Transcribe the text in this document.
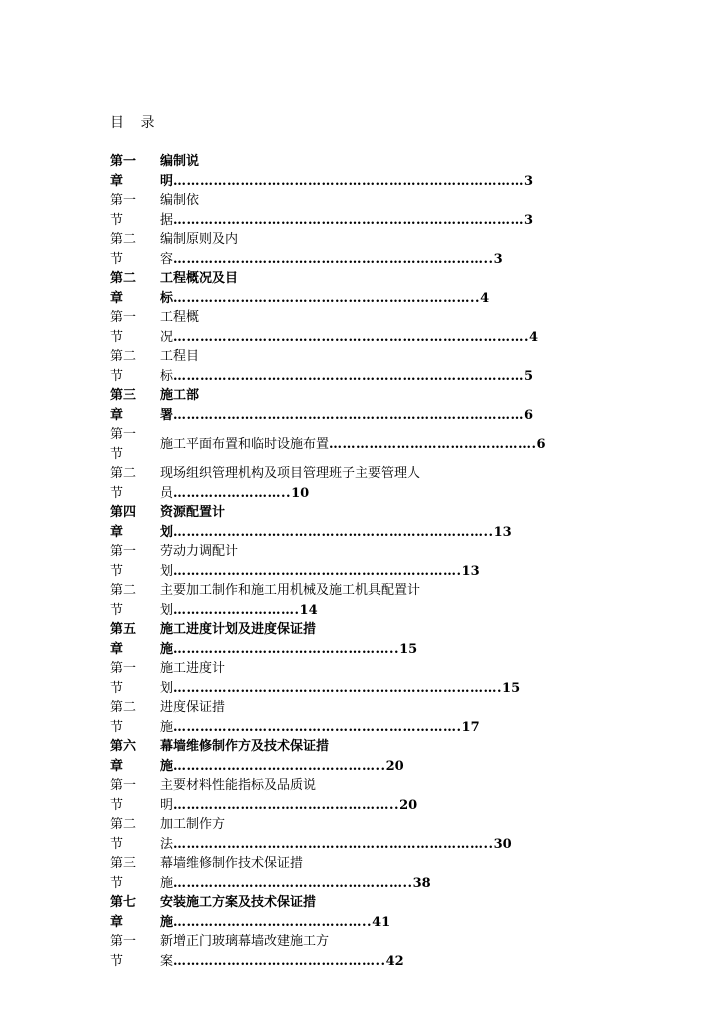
目 录
第一	编制说
章	明 …………………………………………………………………… 3
第一	编制依
节	据 …………………………………………………………………… 3
第二	编制原则及内
节	容 …………………………………………………………….. 3
第二	工程概况及目
章	标 ………………………………………………………….. 4
第一	工程概
节	况 ……………………………………………………………………. 4
第二	工程目
节	标 …………………………………………………………………… 5
第三	施工部
章	署 …………………………………………………………………… 6
第一
节
施工平面布置和临时设施布置 ………………………………………. 6
第二	现场组织管理机构及项目管理班子主要管理人
节	员 …………………….. 10
第四	资源配置计
章	划 …………………………………………………………….. 13
第一	劳动力调配计
节	划 ………………………………………………………. 13
第二	主要加工制作和施工用机械及施工机具配置计
节	划 ………………………. 14
第五	施工进度计划及进度保证措
章	施 ………………………………………….. 15
第一	施工进度计
节	划 ………………………………………………………………. 15
第二	进度保证措
节	施 ………………………………………………………. 17
第六	幕墙维修制作方及技术保证措
章	施 ……………………………………….. 20
第一	主要材料性能指标及品质说
节	明 ………………………………………….. 20
第二	加工制作方
节	法 …………………………………………………………….. 30
第三	幕墙维修制作技术保证措
节	施 …………………………………………….. 38
第七	安装施工方案及技术保证措
章	施 …………………………………….. 41
第一	新增正门玻璃幕墙改建施工方
节	案 ……………………………………….. 42
